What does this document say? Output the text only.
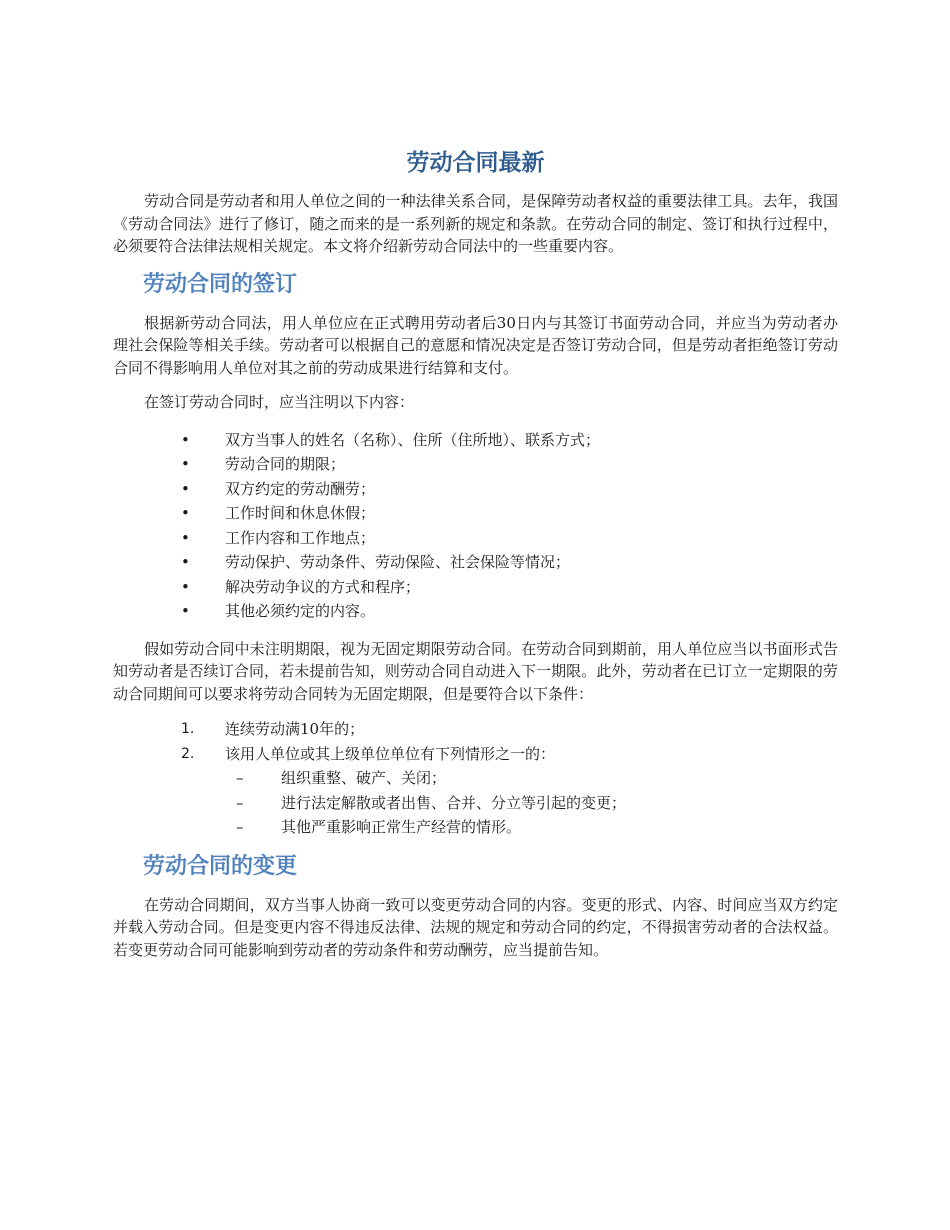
劳动合同最新

劳动合同是劳动者和用人单位之间的一种法律关系合同，是保障劳动者权益的重要法律工具。去年，我国《劳动合同法》进行了修订，随之而来的是一系列新的规定和条款。在劳动合同的制定、签订和执行过程中，必须要符合法律法规相关规定。本文将介绍新劳动合同法中的一些重要内容。

劳动合同的签订

根据新劳动合同法，用人单位应在正式聘用劳动者后30日内与其签订书面劳动合同，并应当为劳动者办理社会保险等相关手续。劳动者可以根据自己的意愿和情况决定是否签订劳动合同，但是劳动者拒绝签订劳动合同不得影响用人单位对其之前的劳动成果进行结算和支付。

在签订劳动合同时，应当注明以下内容：

• 双方当事人的姓名（名称）、住所（住所地）、联系方式；
• 劳动合同的期限；
• 双方约定的劳动酬劳；
• 工作时间和休息休假；
• 工作内容和工作地点；
• 劳动保护、劳动条件、劳动保险、社会保险等情况；
• 解决劳动争议的方式和程序；
• 其他必须约定的内容。

假如劳动合同中未注明期限，视为无固定期限劳动合同。在劳动合同到期前，用人单位应当以书面形式告知劳动者是否续订合同，若未提前告知，则劳动合同自动进入下一期限。此外，劳动者在已订立一定期限的劳动合同期间可以要求将劳动合同转为无固定期限，但是要符合以下条件：

1. 连续劳动满10年的；
2. 该用人单位或其上级单位单位有下列情形之一的：
–	组织重整、破产、关闭；
–	进行法定解散或者出售、合并、分立等引起的变更；
–	其他严重影响正常生产经营的情形。
劳动合同的变更

在劳动合同期间，双方当事人协商一致可以变更劳动合同的内容。变更的形式、内容、时间应当双方约定并载入劳动合同。但是变更内容不得违反法律、法规的规定和劳动合同的约定，不得损害劳动者的合法权益。若变更劳动合同可能影响到劳动者的劳动条件和劳动酬劳，应当提前告知。
